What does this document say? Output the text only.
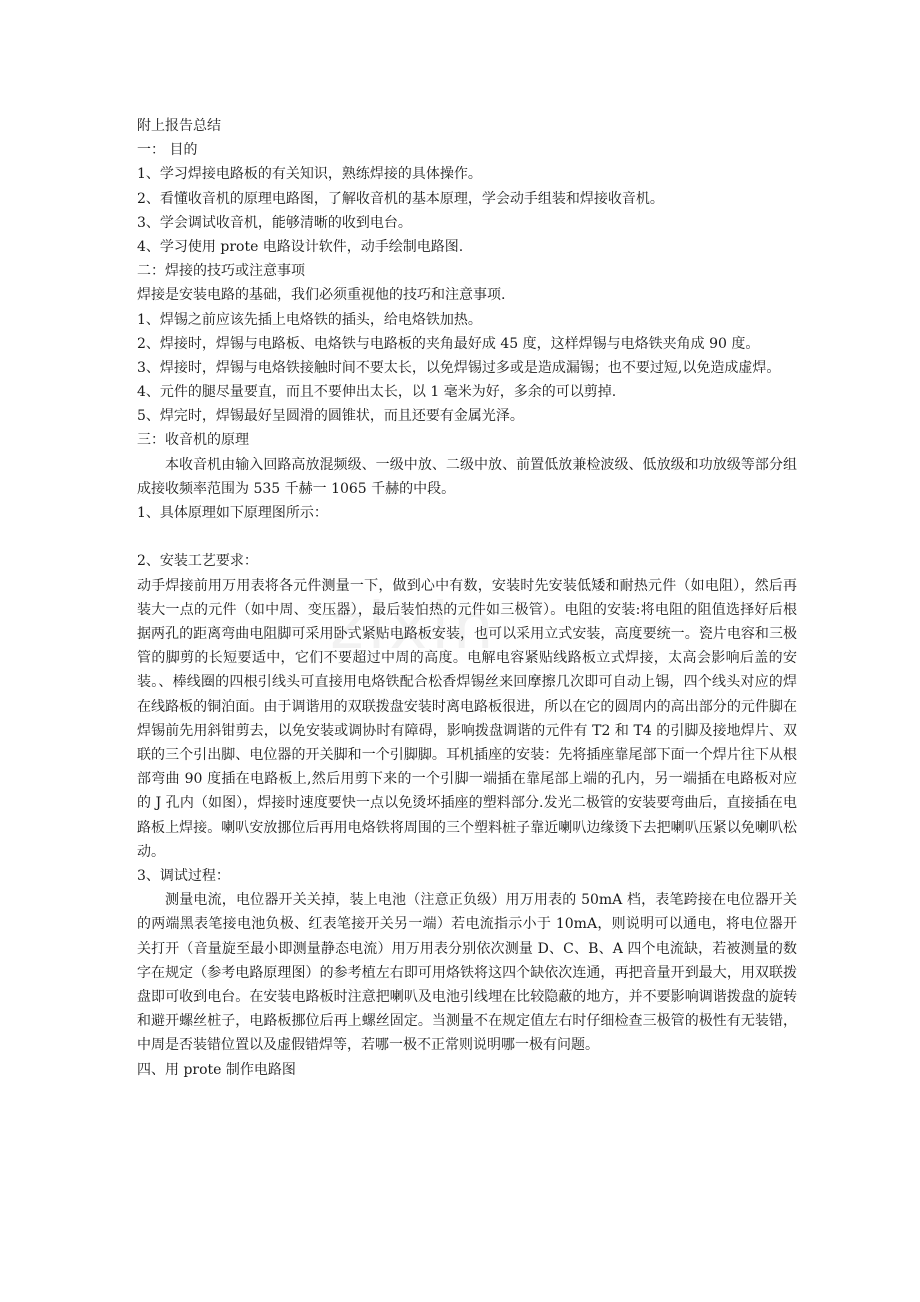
zixin
附上报告总结
一： 目的
1、学习焊接电路板的有关知识，熟练焊接的具体操作。
2、看懂收音机的原理电路图，了解收音机的基本原理，学会动手组装和焊接收音机。
3、学会调试收音机，能够清晰的收到电台。
4、学习使用 prote 电路设计软件，动手绘制电路图.
二：焊接的技巧或注意事项
焊接是安装电路的基础，我们必须重视他的技巧和注意事项.
1、焊锡之前应该先插上电烙铁的插头，给电烙铁加热。
2、焊接时，焊锡与电路板、电烙铁与电路板的夹角最好成 45 度，这样焊锡与电烙铁夹角成 90 度。
3、焊接时，焊锡与电烙铁接触时间不要太长，以免焊锡过多或是造成漏锡；也不要过短,以免造成虚焊。
4、元件的腿尽量要直，而且不要伸出太长，以 1 毫米为好，多余的可以剪掉.
5、焊完时，焊锡最好呈圆滑的圆锥状，而且还要有金属光泽。
三：收音机的原理
本收音机由输入回路高放混频级、一级中放、二级中放、前置低放兼检波级、低放级和功放级等部分组成接收频率范围为 535 千赫一 1065 千赫的中段。
1、具体原理如下原理图所示：
2、安装工艺要求：
动手焊接前用万用表将各元件测量一下，做到心中有数，安装时先安装低矮和耐热元件（如电阻），然后再装大一点的元件（如中周、变压器），最后装怕热的元件如三极管）。电阻的安装:将电阻的阻值选择好后根据两孔的距离弯曲电阻脚可采用卧式紧贴电路板安装，也可以采用立式安装，高度要统一。瓷片电容和三极管的脚剪的长短要适中，它们不要超过中周的高度。电解电容紧贴线路板立式焊接，太高会影响后盖的安装。、棒线圈的四根引线头可直接用电烙铁配合松香焊锡丝来回摩擦几次即可自动上锡，四个线头对应的焊在线路板的铜泊面。由于调谐用的双联拨盘安装时离电路板很进，所以在它的圆周内的高出部分的元件脚在焊锡前先用斜钳剪去，以免安装或调协时有障碍，影响拨盘调谐的元件有 T2 和 T4 的引脚及接地焊片、双联的三个引出脚、电位器的开关脚和一个引脚脚。耳机插座的安装：先将插座靠尾部下面一个焊片往下从根部弯曲 90 度插在电路板上,然后用剪下来的一个引脚一端插在靠尾部上端的孔内，另一端插在电路板对应的 J 孔内（如图），焊接时速度要快一点以免烫坏插座的塑料部分.发光二极管的安装要弯曲后，直接插在电路板上焊接。喇叭安放挪位后再用电烙铁将周围的三个塑料桩子靠近喇叭边缘烫下去把喇叭压紧以免喇叭松动。
3、调试过程：
测量电流，电位器开关关掉，装上电池（注意正负级）用万用表的 50mA 档，表笔跨接在电位器开关的两端黑表笔接电池负极、红表笔接开关另一端）若电流指示小于 10mA，则说明可以通电，将电位器开关打开（音量旋至最小即测量静态电流）用万用表分别依次测量 D、C、B、A 四个电流缺，若被测量的数字在规定（参考电路原理图）的参考植左右即可用烙铁将这四个缺依次连通，再把音量开到最大，用双联拨盘即可收到电台。在安装电路板时注意把喇叭及电池引线埋在比较隐蔽的地方，并不要影响调谐拨盘的旋转和避开螺丝桩子，电路板挪位后再上螺丝固定。当测量不在规定值左右时仔细检查三极管的极性有无装错，中周是否装错位置以及虚假错焊等，若哪一极不正常则说明哪一极有问题。
四、用 prote 制作电路图
